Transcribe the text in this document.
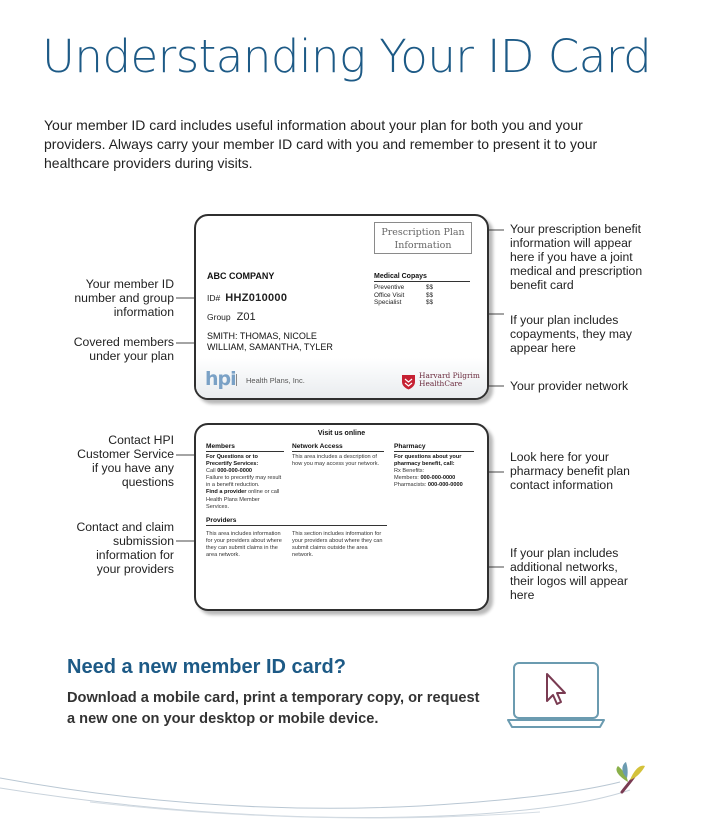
Understanding Your ID Card

Your member ID card includes useful information about your plan for both you and your providers. Always carry your member ID card with you and remember to present it to your healthcare providers during visits.

Your member ID number and group information
Covered members under your plan
Your prescription benefit information will appear here if you have a joint medical and prescription benefit card
If your plan includes copayments, they may appear here
Your provider network
Contact HPI Customer Service if you have any questions
Contact and claim submission information for your providers
Look here for your pharmacy benefit plan contact information
If your plan includes additional networks, their logos will appear here
Prescription Plan
Information
ABC COMPANY
ID# HHZ010000
Group Z01
SMITH: THOMAS, NICOLE
WILLIAM, SAMANTHA, TYLER
Medical Copays
Preventive	$$
Office Visit	$$
Specialist	$$
hpi Health Plans, Inc.
Harvard Pilgrim
HealthCare
Visit us online
Members
For Questions or to Precertify Services:
Call 000-000-0000
Failure to precertify may result in a benefit reduction.
Find a provider online or call Health Plans Member Services.
Network Access
This area includes a description of how you may access your network.
Pharmacy
For questions about your pharmacy benefit, call:
Rx Benefits:
Members: 000-000-0000
Pharmacists: 000-000-0000
Providers
This area includes information for your providers about where they can submit claims in the area network.
This section includes information for your providers about where they can submit claims outside the area network.
Need a new member ID card?

Download a mobile card, print a temporary copy, or request a new one on your desktop or mobile device.
